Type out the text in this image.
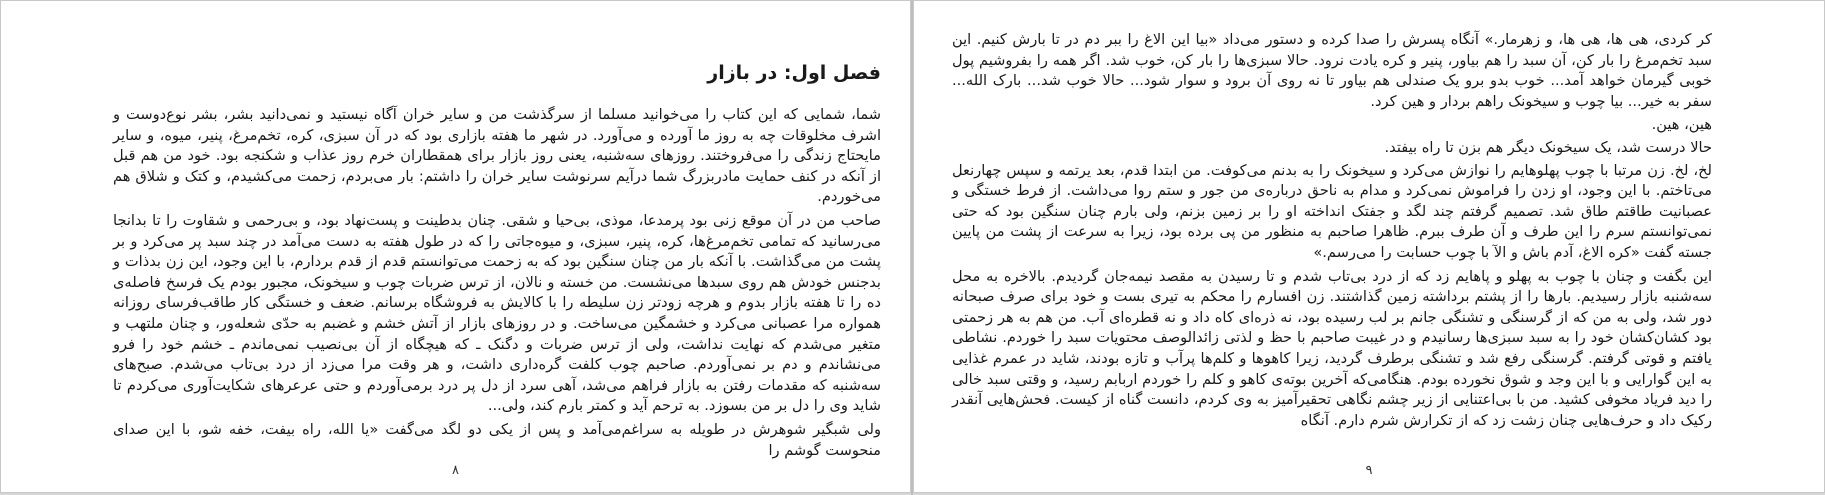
فصل اول: در بازار

شما، شمایی که این کتاب را می‌خوانید مسلما از سرگذشت من و سایر خران آگاه نیستید و نمی‌دانید بشر، بشر نوع‌دوست و اشرف مخلوقات چه به روز ما آورده و می‌آورد. در شهر ما هفته بازاری بود که در آن سبزی، کره، تخم‌مرغ، پنیر، میوه، و سایر مایحتاج زندگی را می‌فروختند. روزهای سه‌شنبه، یعنی روز بازار برای همقطاران خرم روز عذاب و شکنجه بود. خود من هم قبل از آنکه در کنف حمایت مادربزرگ شما درآیم سرنوشت سایر خران را داشتم: بار می‌بردم، زحمت می‌کشیدم، و کتک و شلاق هم می‌خوردم.

صاحب من در آن موقع زنی بود پرمدعا، موذی، بی‌حیا و شقی. چنان بدطینت و پست‌نهاد بود، و بی‌رحمی و شقاوت را تا بدانجا می‌رسانید که تمامی تخم‌مرغ‌ها، کره، پنیر، سبزی، و میوه‌جاتی را که در طول هفته به دست می‌آمد در چند سبد پر می‌کرد و بر پشت من می‌گذاشت. با آنکه بار من چنان سنگین بود که به زحمت می‌توانستم قدم از قدم بردارم، با این وجود، این زن بدذات و بدجنس خودش هم روی سبدها می‌نشست. من خسته و نالان، از ترس ضربات چوب و سیخونک، مجبور بودم یک فرسخ فاصله‌ی ده را تا هفته بازار بدوم و هرچه زودتر زن سلیطه را با کالایش به فروشگاه برسانم. ضعف و خستگی کار طاقب‌فرسای روزانه همواره مرا عصبانی می‌کرد و خشمگین می‌ساخت. و در روزهای بازار از آتش خشم و غضبم به حدّی شعله‌ور، و چنان ملتهب و متغیر می‌شدم که نهایت نداشت، ولی از ترس ضربات و دگنک ـ که هیچگاه از آن بی‌نصیب نمی‌ماندم ـ خشم خود را فرو می‌نشاندم و دم بر نمی‌آوردم. صاحبم چوب کلفت گره‌داری داشت، و هر وقت مرا می‌زد از درد بی‌تاب می‌شدم. صبح‌های سه‌شنبه که مقدمات رفتن به بازار فراهم می‌شد، آهی سرد از دل پر درد برمی‌آوردم و حتی عرعرهای شکایت‌آوری می‌کردم تا شاید وی را دل بر من بسوزد. به ترحم آید و کمتر بارم کند، ولی...

ولی شبگیر شوهرش در طویله به سراغم‌می‌آمد و پس از یکی دو لگد می‌گفت «یا الله، راه بیفت، خفه شو، با این صدای منحوست گوشم را

۸

کر کردی، هی ها، هی ها، و زهرمار.» آنگاه پسرش را صدا کرده و دستور می‌داد «بیا این الاغ را ببر دم در تا بارش کنیم. این سبد تخم‌مرغ را بار کن، آن سبد را هم بیاور، پنیر و کره یادت نرود. حالا سبزی‌ها را بار کن، خوب شد. اگر همه را بفروشیم پول خوبی گیرمان خواهد آمد... خوب بدو برو یک صندلی هم بیاور تا نه روی آن برود و سوار شود... حالا خوب شد... بارک الله... سفر به خیر... بیا چوب و سیخونک راهم بردار و هین کرد.

هین، هین.

حالا درست شد، یک سیخونک دیگر هم بزن تا راه بیفتد.

لخ، لخ. زن مرتبا با چوب پهلوهایم را نوازش می‌کرد و سیخونک را به بدنم می‌کوفت. من ابتدا قدم، بعد یرتمه و سپس چهارنعل می‌تاختم. با این وجود، او زدن را فراموش نمی‌کرد و مدام به ناحق درباره‌ی من جور و ستم روا می‌داشت. از فرط خستگی و عصبانیت طاقتم طاق شد. تصمیم گرفتم چند لگد و جفتک انداخته او را بر زمین بزنم، ولی بارم چنان سنگین بود که حتی نمی‌توانستم سرم را این طرف و آن طرف ببرم. ظاهرا صاحبم به منظور من پی برده بود، زیرا به سرعت از پشت من پایین جسته گفت «کره الاغ، آدم باش و الآ با چوب حسابت را می‌رسم.»

این بگفت و چنان با چوب به پهلو و پاهایم زد که از درد بی‌تاب شدم و تا رسیدن به مقصد نیمه‌جان گردیدم. بالاخره به محل سه‌شنبه بازار رسیدیم. بارها را از پشتم برداشته زمین گذاشتند. زن افسارم را محکم به تیری بست و خود برای صرف صبحانه دور شد، ولی به من که از گرسنگی و تشنگی جانم بر لب رسیده بود، نه ذره‌ای کاه داد و نه قطره‌ای آب. من هم به هر زحمتی بود کشان‌کشان خود را به سبد سبزی‌ها رسانیدم و در غیبت صاحبم با حظ و لذتی زائدالوصف محتویات سبد را خوردم. نشاطی یافتم و قوتی گرفتم. گرسنگی رفع شد و تشنگی برطرف گردید، زیرا کاهوها و کلم‌ها پرآب و تازه بودند، شاید در عمرم غذایی به این گوارایی و با این وجد و شوق نخورده بودم. هنگامی‌که آخرین بوته‌ی کاهو و کلم را خوردم اربابم رسید، و وقتی سبد خالی را دید فریاد مخوفی کشید. من با بی‌اعتنایی از زیر چشم نگاهی تحقیرآمیز به وی کردم، دانست گناه از کیست. فحش‌هایی آنقدر رکیک داد و حرف‌هایی چنان زشت زد که از تکرارش شرم دارم. آنگاه

۹
